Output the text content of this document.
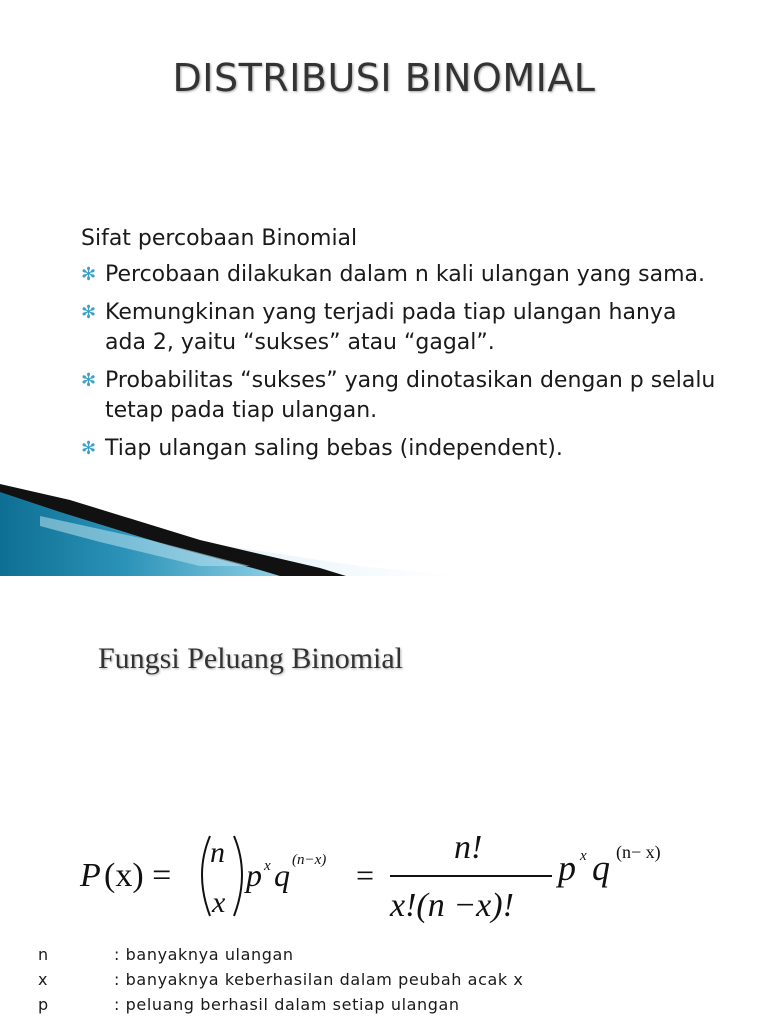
DISTRIBUSI BINOMIAL
Sifat percobaan Binomial
✻ Percobaan dilakukan dalam n kali ulangan yang sama.
✻ Kemungkinan yang terjadi pada tiap ulangan hanya ada 2, yaitu “sukses” atau “gagal”.
✻ Probabilitas “sukses” yang dinotasikan dengan p selalu tetap pada tiap ulangan.
✻ Tiap ulangan saling bebas (independent).
Fungsi Peluang Binomial
P (x) =
n
x
p x q (n−x) =
n!
x!(n −x)!
p x q (n− x)
n	: banyaknya ulangan
x	: banyaknya keberhasilan dalam peubah acak x
p	: peluang berhasil dalam setiap ulangan
